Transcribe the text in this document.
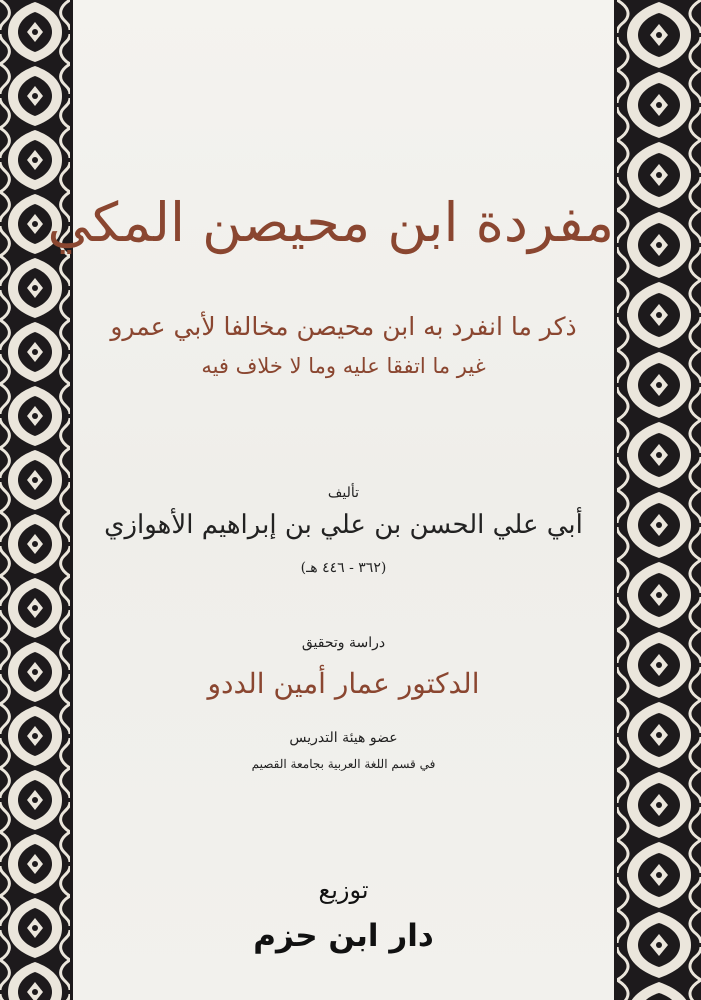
مفردة ابن محيصن المكي
ذكر ما انفرد به ابن محيصن مخالفا لأبي عمرو
غير ما اتفقا عليه وما لا خلاف فيه
تأليف
أبي علي الحسن بن علي بن إبراهيم الأهوازي
(٣٦٢ - ٤٤٦ هـ)
دراسة وتحقيق
الدكتور عمار أمين الددو
عضو هيئة التدريس
في قسم اللغة العربية بجامعة القصيم
توزيع
دار ابن حزم
